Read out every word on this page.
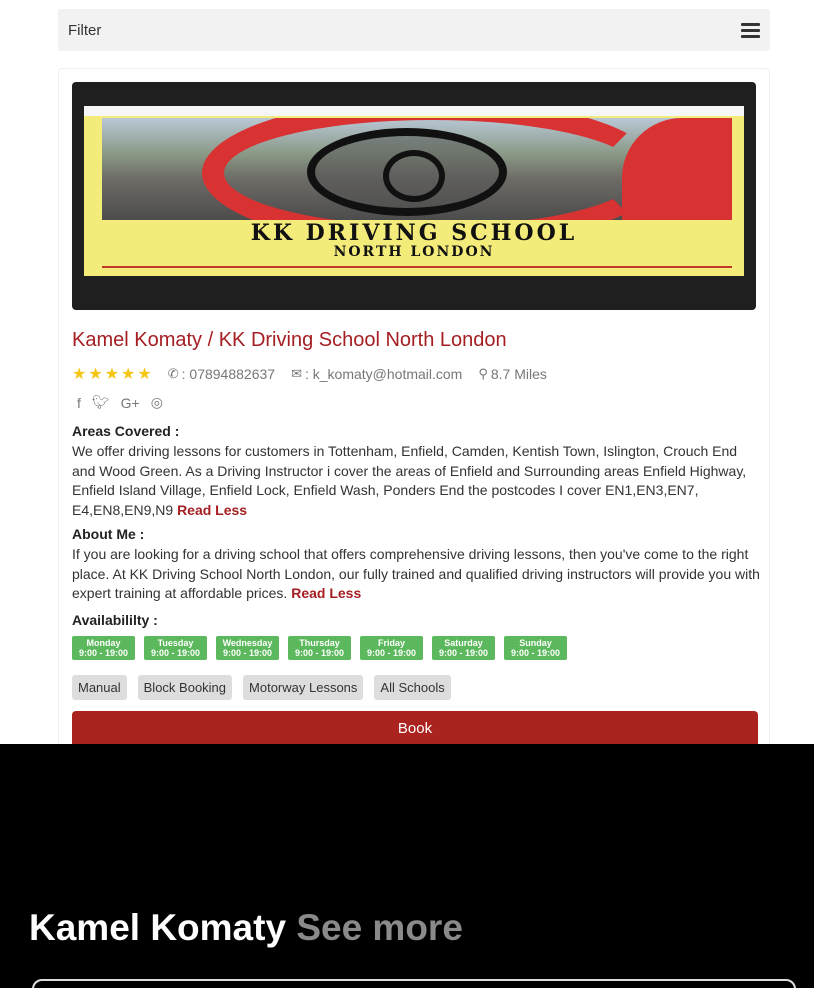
Filter
KK DRIVING SCHOOL
NORTH LONDON
Kamel Komaty / KK Driving School North London
★★★★★ ✆ : 07894882637 ✉ : k_komaty@hotmail.com ⚲ 8.7 Miles
f 🐦︎ G+ ◎
Areas Covered :
We offer driving lessons for customers in Tottenham, Enfield, Camden, Kentish Town, Islington, Crouch End and Wood Green. As a Driving Instructor i cover the areas of Enfield and Surrounding areas Enfield Highway, Enfield Island Village, Enfield Lock, Enfield Wash, Ponders End the postcodes I cover EN1,EN3,EN7, E4,EN8,EN9,N9 Read Less
About Me :
If you are looking for a driving school that offers comprehensive driving lessons, then you've come to the right place. At KK Driving School North London, our fully trained and qualified driving instructors will provide you with expert training at affordable prices. Read Less
Availabililty :
Monday
9:00 - 19:00
Tuesday
9:00 - 19:00
Wednesday
9:00 - 19:00
Thursday
9:00 - 19:00
Friday
9:00 - 19:00
Saturday
9:00 - 19:00
Sunday
9:00 - 19:00
Manual	Block Booking	Motorway Lessons	All Schools
Book
Kamel Komaty See more
